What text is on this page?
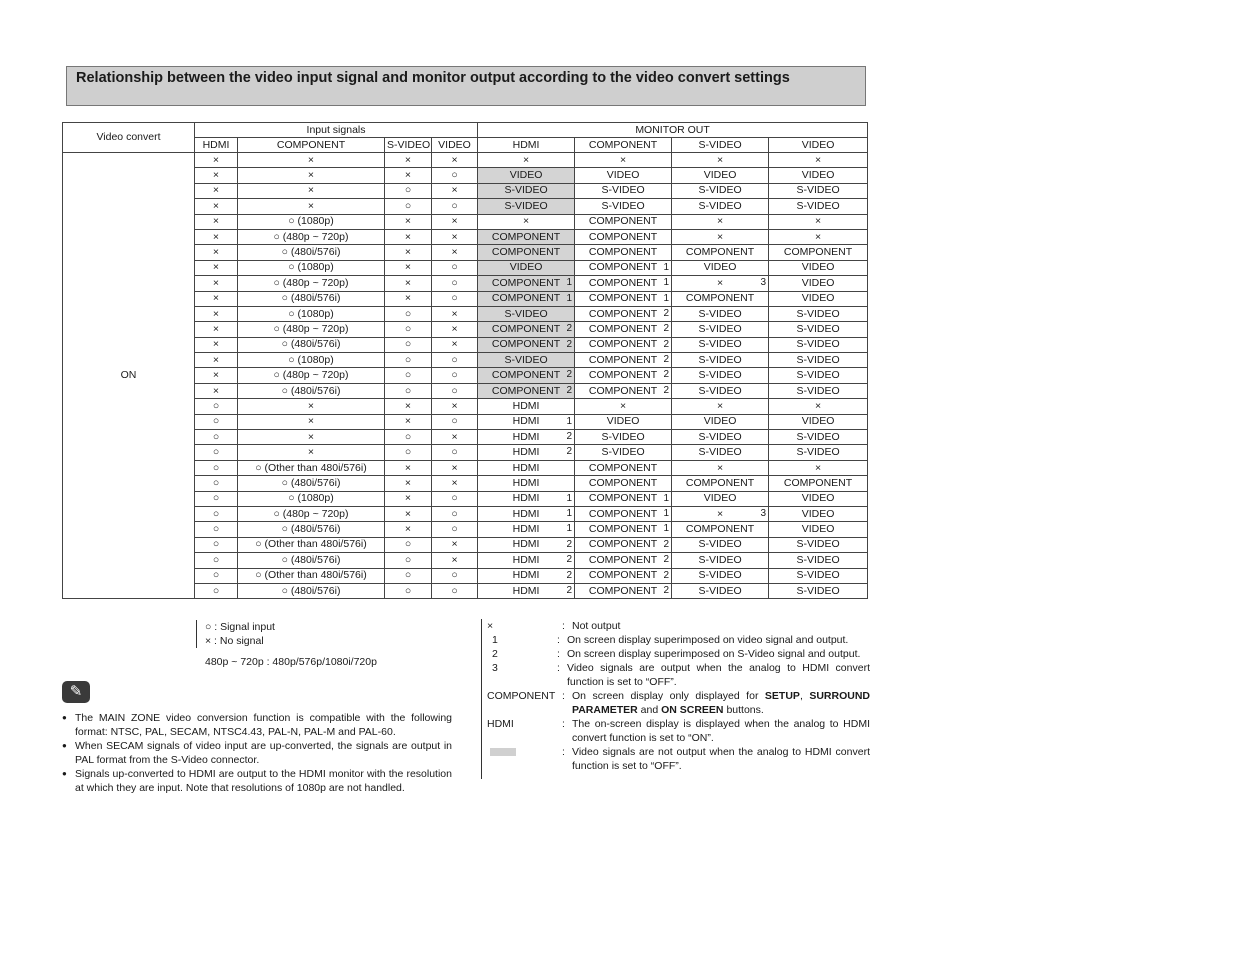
Relationship between the video input signal and monitor output according to the video convert settings
Video convert	Input signals				MONITOR OUT			
	HDMI	COMPONENT	S-VIDEO	VIDEO	HDMI	COMPONENT	S-VIDEO	VIDEO
ON	×	×	×	×	×	×	×	×
	×	×	×	○	VIDEO	VIDEO	VIDEO	VIDEO
	×	×	○	×	S-VIDEO	S-VIDEO	S-VIDEO	S-VIDEO
	×	×	○	○	S-VIDEO	S-VIDEO	S-VIDEO	S-VIDEO
	×	○ (1080p)	×	×	×	COMPONENT	×	×
	×	○ (480p ~ 720p)	×	×	COMPONENT	COMPONENT	×	×
	×	○ (480i/576i)	×	×	COMPONENT	COMPONENT	COMPONENT	COMPONENT
	×	○ (1080p)	×	○	VIDEO	COMPONENT 1	VIDEO	VIDEO
	×	○ (480p ~ 720p)	×	○	COMPONENT 1	COMPONENT 1	× 3	VIDEO
	×	○ (480i/576i)	×	○	COMPONENT 1	COMPONENT 1	COMPONENT	VIDEO
	×	○ (1080p)	○	×	S-VIDEO	COMPONENT 2	S-VIDEO	S-VIDEO
	×	○ (480p ~ 720p)	○	×	COMPONENT 2	COMPONENT 2	S-VIDEO	S-VIDEO
	×	○ (480i/576i)	○	×	COMPONENT 2	COMPONENT 2	S-VIDEO	S-VIDEO
	×	○ (1080p)	○	○	S-VIDEO	COMPONENT 2	S-VIDEO	S-VIDEO
	×	○ (480p ~ 720p)	○	○	COMPONENT 2	COMPONENT 2	S-VIDEO	S-VIDEO
	×	○ (480i/576i)	○	○	COMPONENT 2	COMPONENT 2	S-VIDEO	S-VIDEO
	○	×	×	×	HDMI	×	×	×
	○	×	×	○	HDMI 1	VIDEO	VIDEO	VIDEO
	○	×	○	×	HDMI 2	S-VIDEO	S-VIDEO	S-VIDEO
	○	×	○	○	HDMI 2	S-VIDEO	S-VIDEO	S-VIDEO
	○	○ (Other than 480i/576i)	×	×	HDMI	COMPONENT	×	×
	○	○ (480i/576i)	×	×	HDMI	COMPONENT	COMPONENT	COMPONENT
	○	○ (1080p)	×	○	HDMI 1	COMPONENT 1	VIDEO	VIDEO
	○	○ (480p ~ 720p)	×	○	HDMI 1	COMPONENT 1	× 3	VIDEO
	○	○ (480i/576i)	×	○	HDMI 1	COMPONENT 1	COMPONENT	VIDEO
	○	○ (Other than 480i/576i)	○	×	HDMI 2	COMPONENT 2	S-VIDEO	S-VIDEO
	○	○ (480i/576i)	○	×	HDMI 2	COMPONENT 2	S-VIDEO	S-VIDEO
	○	○ (Other than 480i/576i)	○	○	HDMI 2	COMPONENT 2	S-VIDEO	S-VIDEO
	○	○ (480i/576i)	○	○	HDMI 2	COMPONENT 2	S-VIDEO	S-VIDEO
○ : Signal input
× : No signal
480p ~ 720p : 480p/576p/1080i/720p
✎
● The MAIN ZONE video conversion function is compatible with the following format: NTSC, PAL, SECAM, NTSC4.43, PAL-N, PAL-M and PAL-60.
● When SECAM signals of video input are up-converted, the signals are output in PAL format from the S-Video connector.
● Signals up-converted to HDMI are output to the HDMI monitor with the resolution at which they are input. Note that resolutions of 1080p are not handled.
×	: Not output
1	: On screen display superimposed on video signal and output.
2	: On screen display superimposed on S-Video signal and output.
3	: Video signals are output when the analog to HDMI convert function is set to “OFF”.
COMPONENT : On screen display only displayed for SETUP, SURROUND PARAMETER and ON SCREEN buttons.
HDMI	: The on-screen display is displayed when the analog to HDMI convert function is set to “ON”.
: Video signals are not output when the analog to HDMI convert function is set to “OFF”.
